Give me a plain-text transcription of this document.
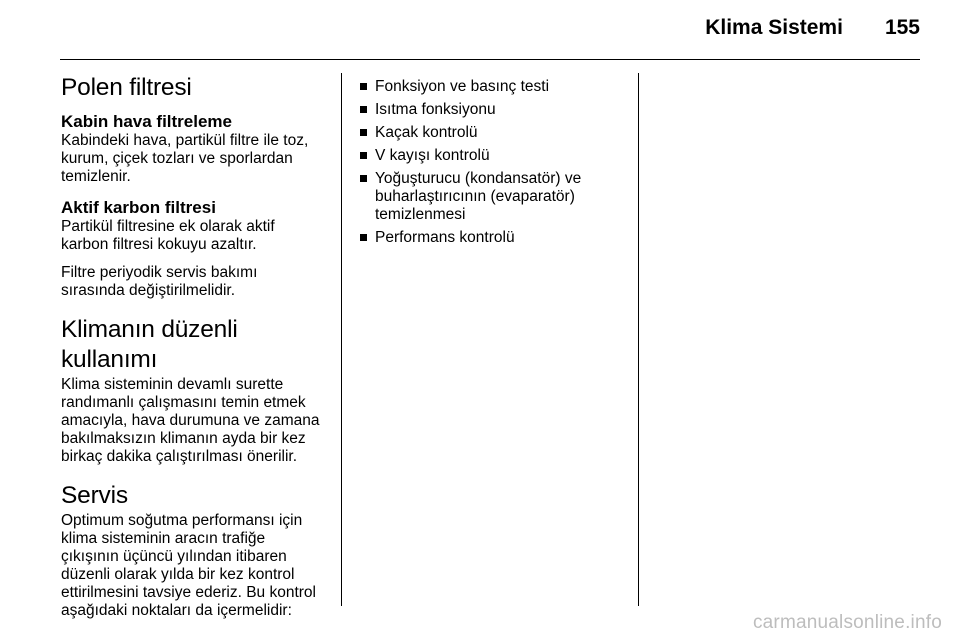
Klima Sistemi 155
Polen filtresi
Kabin hava filtreleme

Kabindeki hava, partikül filtre ile toz,
kurum, çiçek tozları ve sporlardan
temizlenir.

Aktif karbon filtresi

Partikül filtresine ek olarak aktif
karbon filtresi kokuyu azaltır.

Filtre periyodik servis bakımı
sırasında değiştirilmelidir.

Klimanın düzenli kullanımı

Klima sisteminin devamlı surette
randımanlı çalışmasını temin etmek
amacıyla, hava durumuna ve zamana
bakılmaksızın klimanın ayda bir kez
birkaç dakika çalıştırılması önerilir.

Servis

Optimum soğutma performansı için
klima sisteminin aracın trafiğe
çıkışının üçüncü yılından itibaren
düzenli olarak yılda bir kez kontrol
ettirilmesini tavsiye ederiz. Bu kontrol
aşağıdaki noktaları da içermelidir:

Fonksiyon ve basınç testi
Isıtma fonksiyonu
Kaçak kontrolü
V kayışı kontrolü
Yoğuşturucu (kondansatör) ve
buharlaştırıcının (evaparatör)
temizlenmesi
Performans kontrolü
carmanualsonline.info
